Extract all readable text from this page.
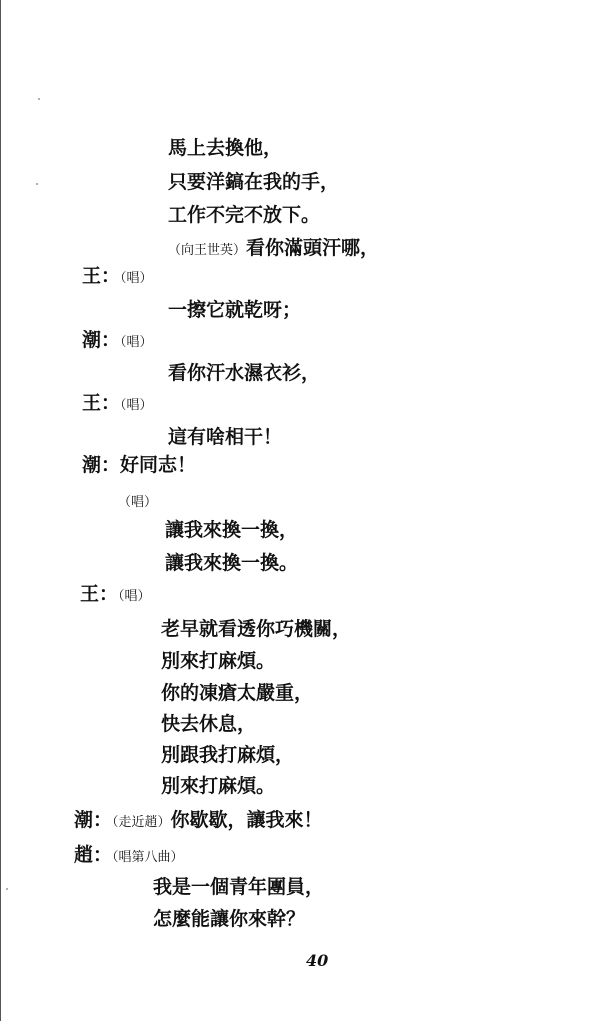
馬上去換他，
只要洋鎬在我的手，
工作不完不放下。
（向王世英）看你滿頭汗哪，
王：（唱）
一擦它就乾呀；
潮：（唱）
看你汗水濕衣衫，
王：（唱）
這有啥相干！
潮：好同志！
（唱）
讓我來換一換，
讓我來換一換。
王：（唱）
老早就看透你巧機關，
別來打麻煩。
你的凍瘡太嚴重，
快去休息，
別跟我打麻煩，
別來打麻煩。
潮：（走近趙）你歇歇，讓我來！
趙：（唱第八曲）
我是一個青年團員，
怎麼能讓你來幹？
40
